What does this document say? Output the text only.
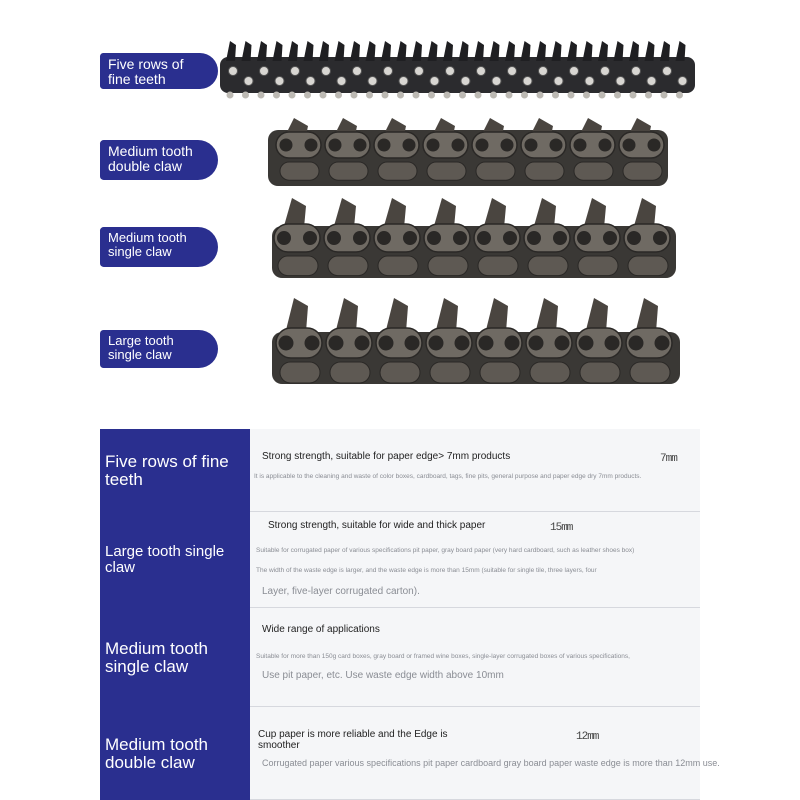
Five rows of fine teeth
Medium tooth double claw
Medium tooth single claw
Large tooth single claw
Five rows of fine teeth
Strong strength, suitable for paper edge> 7mm products
It is applicable to the cleaning and waste of color boxes, cardboard, tags, fine pits, general purpose and paper edge dry 7mm products.
7mm
Large tooth single claw
Strong strength, suitable for wide and thick paper
Suitable for corrugated paper of various specifications pit paper, gray board paper (very hard cardboard, such as leather shoes box)
The width of the waste edge is larger, and the waste edge is more than 15mm (suitable for single tile, three layers, four
Layer, five-layer corrugated carton).
15mm
Medium tooth single claw
Wide range of applications
Suitable for more than 150g card boxes, gray board or framed wine boxes, single-layer corrugated boxes of various specifications,
Use pit paper, etc. Use waste edge width above 10mm
Medium tooth double claw
Cup paper is more reliable and the Edge is smoother
12mm
Corrugated paper various specifications pit paper cardboard gray board paper waste edge is more than 12mm use.
